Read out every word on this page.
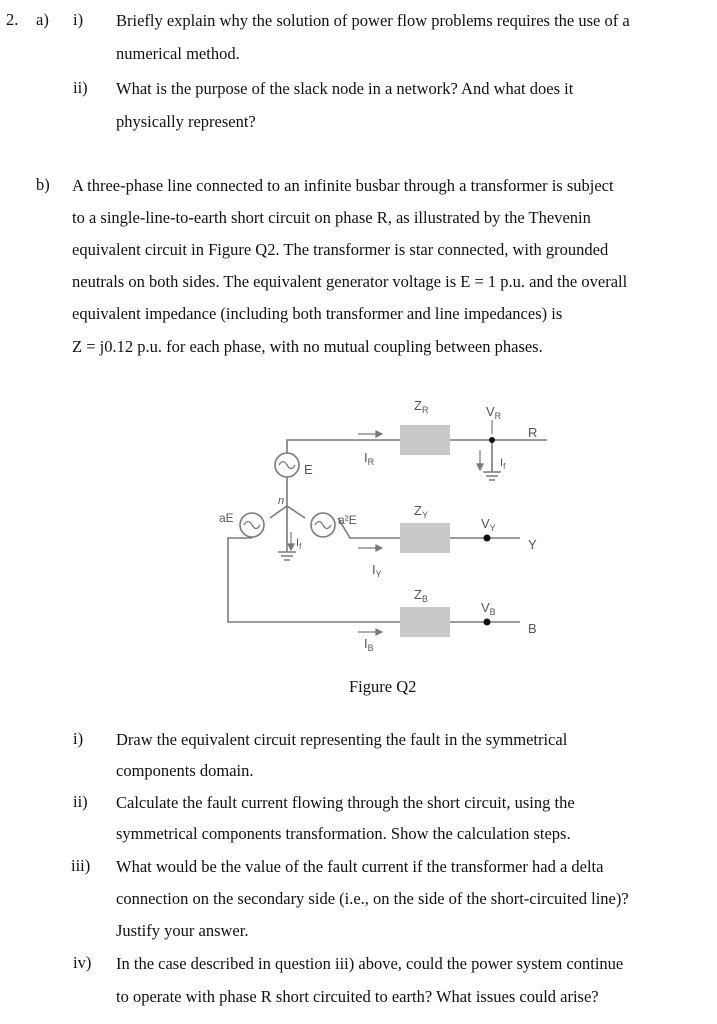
2. a) i) Briefly explain why the solution of power flow problems requires the use of a
numerical method.
ii) What is the purpose of the slack node in a network? And what does it
physically represent?
b) A three-phase line connected to an infinite busbar through a transformer is subject
to a single-line-to-earth short circuit on phase R, as illustrated by the Thevenin
equivalent circuit in Figure Q2. The transformer is star connected, with grounded
neutrals on both sides. The equivalent generator voltage is E = 1 p.u. and the overall
equivalent impedance (including both transformer and line impedances) is
Z = j0.12 p.u. for each phase, with no mutual coupling between phases.
$Z_R$
$Z_Y$
$Z_B$
$V_R$
$V_Y$
$V_B$
R
Y
B
$I_R$
$I_Y$
$I_B$
$I_f$
$I_f$
E
aE	a²E
n
Figure Q2
i) Draw the equivalent circuit representing the fault in the symmetrical
components domain.
ii) Calculate the fault current flowing through the short circuit, using the
symmetrical components transformation. Show the calculation steps.
iii) What would be the value of the fault current if the transformer had a delta
connection on the secondary side (i.e., on the side of the short-circuited line)?
Justify your answer.
iv) In the case described in question iii) above, could the power system continue
to operate with phase R short circuited to earth? What issues could arise?
